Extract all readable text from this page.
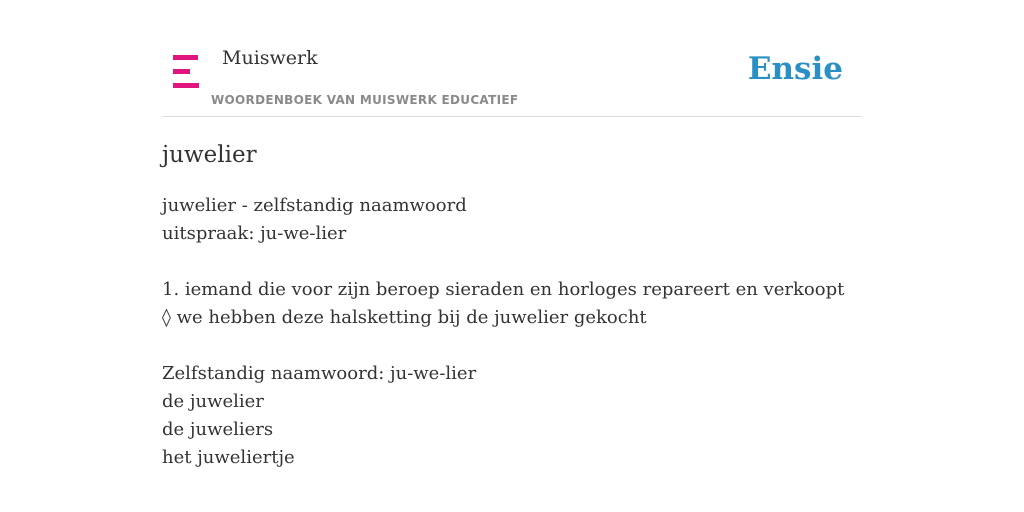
Muiswerk
WOORDENBOEK VAN MUISWERK EDUCATIEF
Ensie
juwelier
juwelier - zelfstandig naamwoord
uitspraak: ju-we-lier
1. iemand die voor zijn beroep sieraden en horloges repareert en verkoopt
◊ we hebben deze halsketting bij de juwelier gekocht
Zelfstandig naamwoord: ju-we-lier
de juwelier
de juweliers
het juweliertje
